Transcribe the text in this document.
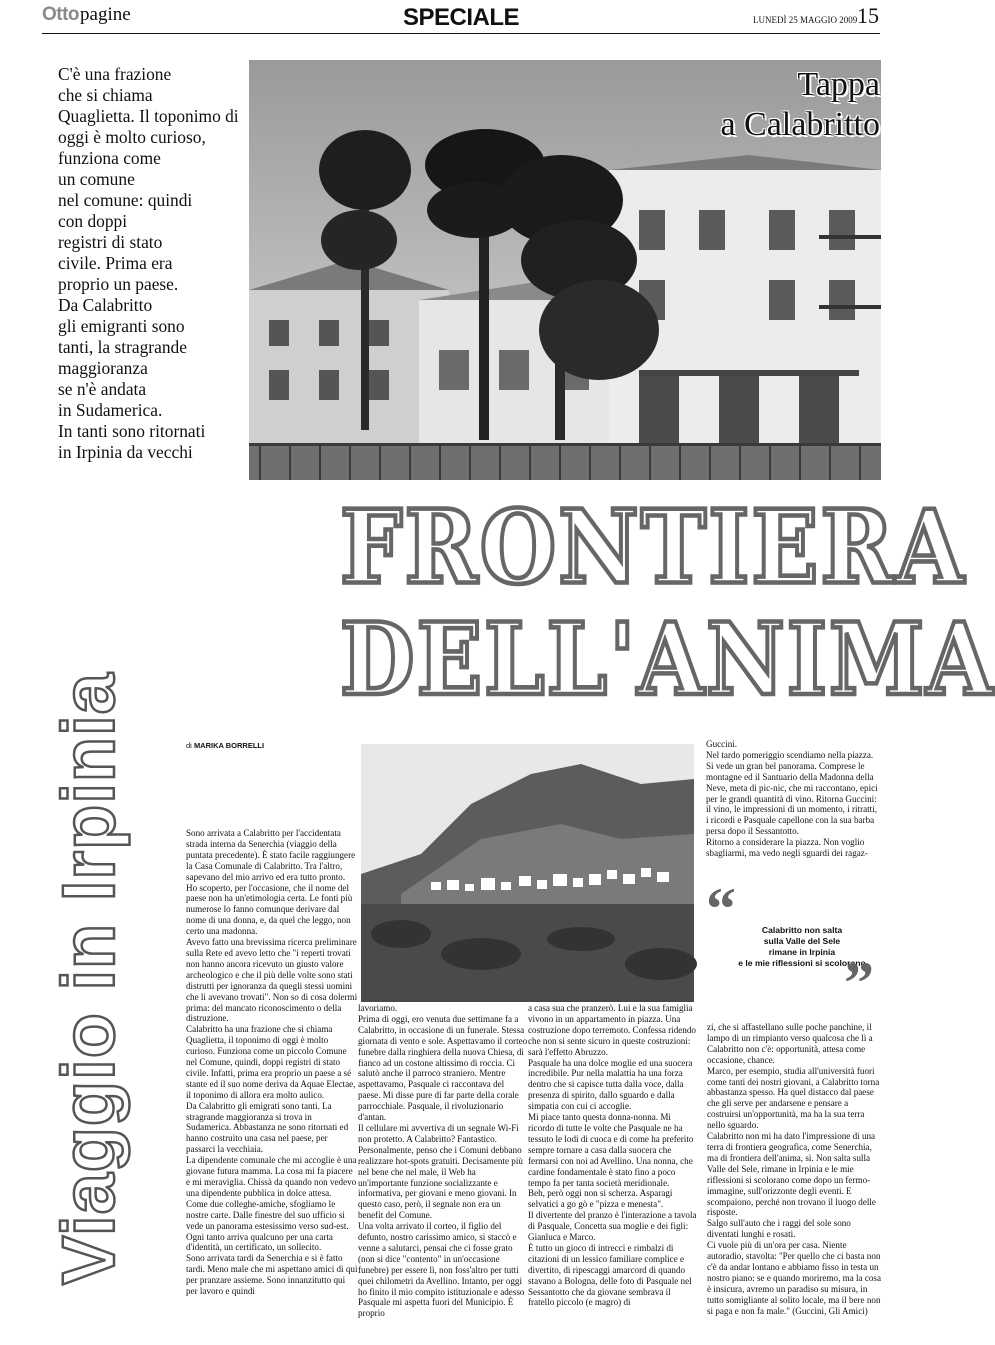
Ottopagine	SPECIALE	LUNEDÌ 25 MAGGIO 2009 15
C'è una frazione
che si chiama
Quaglietta. Il toponimo di
oggi è molto curioso,
funziona come
un comune
nel comune: quindi
con doppi
registri di stato
civile. Prima era
proprio un paese.
Da Calabritto
gli emigranti sono
tanti, la stragrande
maggioranza
se n'è andata
in Sudamerica.
In tanti sono ritornati
in Irpinia da vecchi
Tappa
a Calabritto
Viaggio in Irpinia
FRONTIERA
DELL'ANIMA
di MARIKA BORRELLI
“	Calabritto non salta
sulla Valle del Sele
rimane in Irpinia
e le mie riflessioni si scolorano
”

Sono arrivata a Calabritto per l'accidentata strada interna da Senerchia (viaggio della puntata precedente). È stato facile raggiungere la Casa Comunale di Calabritto. Tra l'altro, sapevano del mio arrivo ed era tutto pronto. Ho scoperto, per l'occasione, che il nome del paese non ha un'etimologia certa. Le fonti più numerose lo fanno comunque derivare dal nome di una donna, e, da quel che leggo, non certo una madonna.

Avevo fatto una brevissima ricerca preliminare sulla Rete ed avevo letto che "i reperti trovati non hanno ancora ricevuto un giusto valore archeologico e che il più delle volte sono stati distrutti per ignoranza da quegli stessi uomini che li avevano trovati". Non so di cosa dolermi prima: del mancato riconoscimento o della distruzione.

Calabritto ha una frazione che si chiama Quaglietta, il toponimo di oggi è molto curioso. Funziona come un piccolo Comune nel Comune, quindi, doppi registri di stato civile. Infatti, prima era proprio un paese a sé stante ed il suo nome deriva da Aquae Electae, il toponimo di allora era molto aulico.

Da Calabritto gli emigrati sono tanti. La stragrande maggioranza si trova in Sudamerica. Abbastanza ne sono ritornati ed hanno costruito una casa nel paese, per passarci la vecchiaia.

La dipendente comunale che mi accoglie è una giovane futura mamma. La cosa mi fa piacere e mi meraviglia. Chissà da quando non vedevo una dipendente pubblica in dolce attesa.

Come due colleghe-amiche, sfogliamo le nostre carte. Dalle finestre del suo ufficio si vede un panorama estesissimo verso sud-est.

Ogni tanto arriva qualcuno per una carta d'identità, un certificato, un sollecito.

Sono arrivata tardi da Senerchia e si è fatto tardi. Meno male che mi aspettano amici di qui per pranzare assieme. Sono innanzitutto qui per lavoro e quindi

lavoriamo.

Prima di oggi, ero venuta due settimane fa a Calabritto, in occasione di un funerale. Stessa giornata di vento e sole. Aspettavamo il corteo funebre dalla ringhiera della nuova Chiesa, di fianco ad un costone altissimo di roccia. Ci salutò anche il parroco straniero. Mentre aspettavamo, Pasquale ci raccontava del paese. Mi disse pure di far parte della corale parrocchiale. Pasquale, il rivoluzionario d'antan.

Il cellulare mi avvertiva di un segnale Wi-Fi non protetto. A Calabritto? Fantastico. Personalmente, penso che i Comuni debbano realizzare hot-spots gratuiti. Decisamente più nel bene che nel male, il Web ha un'importante funzione socializzante e informativa, per giovani e meno giovani. In questo caso, però, il segnale non era un benefit del Comune.

Una volta arrivato il corteo, il figlio del defunto, nostro carissimo amico, si staccò e venne a salutarci, pensai che ci fosse grato (non si dice "contento" in un'occasione funebre) per essere lì, non foss'altro per tutti quei chilometri da Avellino. Intanto, per oggi ho finito il mio compito istituzionale e adesso Pasquale mi aspetta fuori del Municipio. È proprio

a casa sua che pranzerò. Lui e la sua famiglia vivono in un appartamento in piazza. Una costruzione dopo terremoto. Confessa ridendo che non si sente sicuro in queste costruzioni: sarà l'effetto Abruzzo.

Pasquale ha una dolce moglie ed una suocera incredibile. Pur nella malattia ha una forza dentro che si capisce tutta dalla voce, dalla presenza di spirito, dallo sguardo e dalla simpatia con cui ci accoglie.

Mi piace tanto questa donna-nonna. Mi ricordo di tutte le volte che Pasquale ne ha tessuto le lodi di cuoca e di come ha preferito sempre tornare a casa dalla suocera che fermarsi con noi ad Avellino. Una nonna, che cardine fondamentale è stato fino a poco tempo fa per tanta società meridionale.

Beh, però oggi non si scherza. Asparagi selvatici a go gò e "pizza e menesta".

Il divertente del pranzo è l'interazione a tavola di Pasquale, Concetta sua moglie e dei figli: Gianluca e Marco.

È tutto un gioco di intrecci e rimbalzi di citazioni di un lessico familiare complice e divertito, di ripescaggi amarcord di quando stavano a Bologna, delle foto di Pasquale nel Sessantotto che da giovane sembrava il fratello piccolo (e magro) di

Guccini.

Nel tardo pomeriggio scendiamo nella piazza. Si vede un gran bel panorama. Comprese le montagne ed il Santuario della Madonna della Neve, meta di pic-nic, che mi raccontano, epici per le grandi quantità di vino. Ritorna Guccini: il vino, le impressioni di un momento, i ritratti, i ricordi e Pasquale capellone con la sua barba persa dopo il Sessantotto.

Ritorno a considerare la piazza. Non voglio sbagliarmi, ma vedo negli sguardi dei ragaz-

zi, che si affastellano sulle poche panchine, il lampo di un rimpianto verso qualcosa che lì a Calabritto non c'è: opportunità, attesa come occasione, chance.

Marco, per esempio, studia all'università fuori come tanti dei nostri giovani, a Calabritto torna abbastanza spesso. Ha quel distacco dal paese che gli serve per andarsene e pensare a costruirsi un'opportunità, ma ha la sua terra nello sguardo.

Calabritto non mi ha dato l'impressione di una terra di frontiera geografica, come Senerchia, ma di frontiera dell'anima, sì. Non salta sulla Valle del Sele, rimane in Irpinia e le mie riflessioni si scolorano come dopo un fermo-immagine, sull'orizzonte degli eventi. E scompaiono, perché non trovano il luogo delle risposte.

Salgo sull'auto che i raggi del sole sono diventati lunghi e rosati.

Ci vuole più di un'ora per casa. Niente autoradio, stavolta: "Per quello che ci basta non c'è da andar lontano e abbiamo fisso in testa un nostro piano: se e quando moriremo, ma la cosa è insicura, avremo un paradiso su misura, in tutto somigliante al solito locale, ma il bere non si paga e non fa male." (Guccini, Gli Amici)
